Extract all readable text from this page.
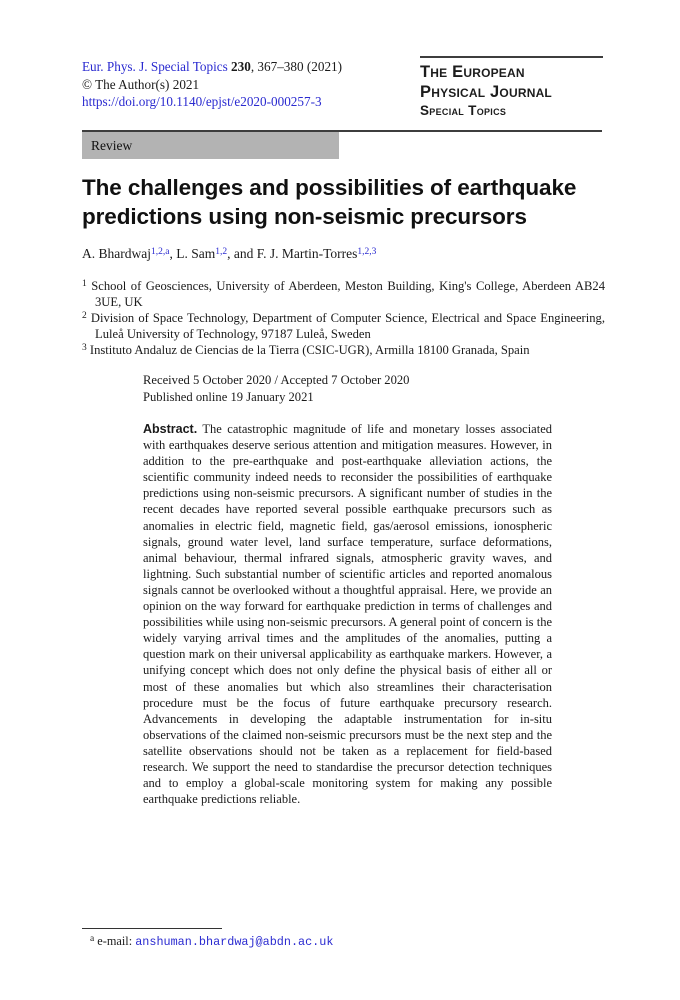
Eur. Phys. J. Special Topics 230, 367–380 (2021)
© The Author(s) 2021
https://doi.org/10.1140/epjst/e2020-000257-3
The European
Physical Journal
Special Topics
Review
The challenges and possibilities of earthquake predictions using non-seismic precursors
A. Bhardwaj$^{1,2,a}$, L. Sam$^{1,2}$, and F. J. Martin-Torres$^{1,2,3}$
$^1$ School of Geosciences, University of Aberdeen, Meston Building, King's College, Aberdeen AB24 3UE, UK
$^2$ Division of Space Technology, Department of Computer Science, Electrical and Space Engineering, Luleå University of Technology, 97187 Luleå, Sweden
$^3$ Instituto Andaluz de Ciencias de la Tierra (CSIC-UGR), Armilla 18100 Granada, Spain
Received 5 October 2020 / Accepted 7 October 2020
Published online 19 January 2021
Abstract. The catastrophic magnitude of life and monetary losses associated with earthquakes deserve serious attention and mitigation measures. However, in addition to the pre-earthquake and post-earthquake alleviation actions, the scientific community indeed needs to reconsider the possibilities of earthquake predictions using non-seismic precursors. A significant number of studies in the recent decades have reported several possible earthquake precursors such as anomalies in electric field, magnetic field, gas/aerosol emissions, ionospheric signals, ground water level, land surface temperature, surface deformations, animal behaviour, thermal infrared signals, atmospheric gravity waves, and lightning. Such substantial number of scientific articles and reported anomalous signals cannot be overlooked without a thoughtful appraisal. Here, we provide an opinion on the way forward for earthquake prediction in terms of challenges and possibilities while using non-seismic precursors. A general point of concern is the widely varying arrival times and the amplitudes of the anomalies, putting a question mark on their universal applicability as earthquake markers. However, a unifying concept which does not only define the physical basis of either all or most of these anomalies but which also streamlines their characterisation procedure must be the focus of future earthquake precursory research. Advancements in developing the adaptable instrumentation for in-situ observations of the claimed non-seismic precursors must be the next step and the satellite observations should not be taken as a replacement for field-based research. We support the need to standardise the precursor detection techniques and to employ a global-scale monitoring system for making any possible earthquake predictions reliable.
$^a$ e-mail: anshuman.bhardwaj@abdn.ac.uk
